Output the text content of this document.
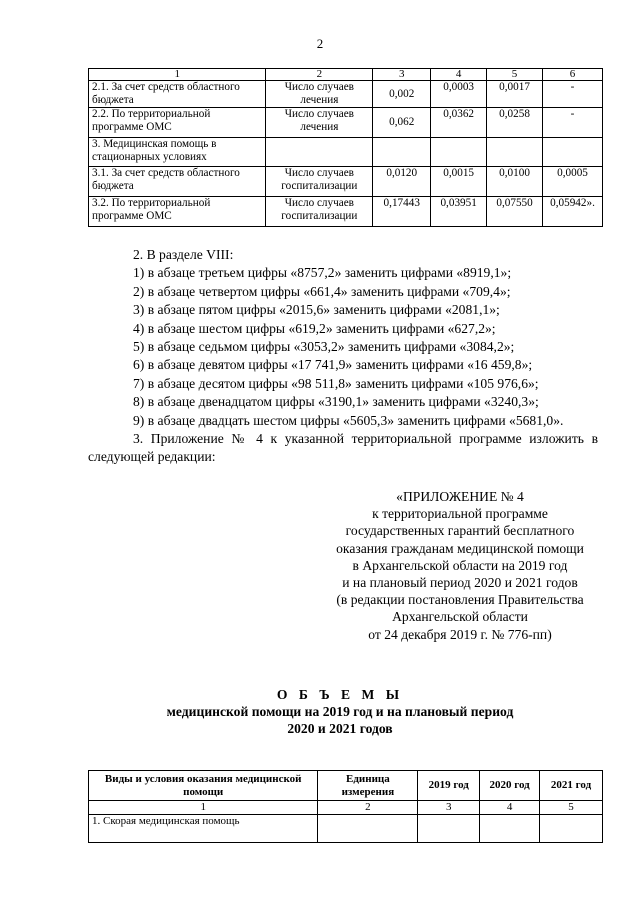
2
1	2	3	4	5	6
2.1. За счет средств областного бюджета	Число случаев лечения	0,002	0,0003	0,0017	-
2.2. По территориальной программе ОМС	Число случаев лечения	0,062	0,0362	0,0258	-
3. Медицинская помощь в стационарных условиях					
3.1. За счет средств областного бюджета	Число случаев госпитализации	0,0120	0,0015	0,0100	0,0005
3.2. По территориальной программе ОМС	Число случаев госпитализации	0,17443	0,03951	0,07550	0,05942».

2. В разделе VIII:

1) в абзаце третьем цифры «8757,2» заменить цифрами «8919,1»;

2) в абзаце четвертом цифры «661,4» заменить цифрами «709,4»;

3) в абзаце пятом цифры «2015,6» заменить цифрами «2081,1»;

4) в абзаце шестом цифры «619,2» заменить цифрами «627,2»;

5) в абзаце седьмом цифры «3053,2» заменить цифрами «3084,2»;

6) в абзаце девятом цифры «17 741,9» заменить цифрами «16 459,8»;

7) в абзаце десятом цифры «98 511,8» заменить цифрами «105 976,6»;

8) в абзаце двенадцатом цифры «3190,1» заменить цифрами «3240,3»;

9) в абзаце двадцать шестом цифры «5605,3» заменить цифрами «5681,0».

3. Приложение № 4 к указанной территориальной программе изложить в следующей редакции:

«ПРИЛОЖЕНИЕ № 4
к территориальной программе
государственных гарантий бесплатного
оказания гражданам медицинской помощи
в Архангельской области на 2019 год
и на плановый период 2020 и 2021 годов
(в редакции постановления Правительства
Архангельской области
от 24 декабря 2019 г. № 776-пп)
О Б Ъ Е М Ы
медицинской помощи на 2019 год и на плановый период
2020 и 2021 годов
Виды и условия оказания медицинской помощи	Единица измерения	2019 год	2020 год	2021 год
1	2	3	4	5
1. Скорая медицинская помощь				
